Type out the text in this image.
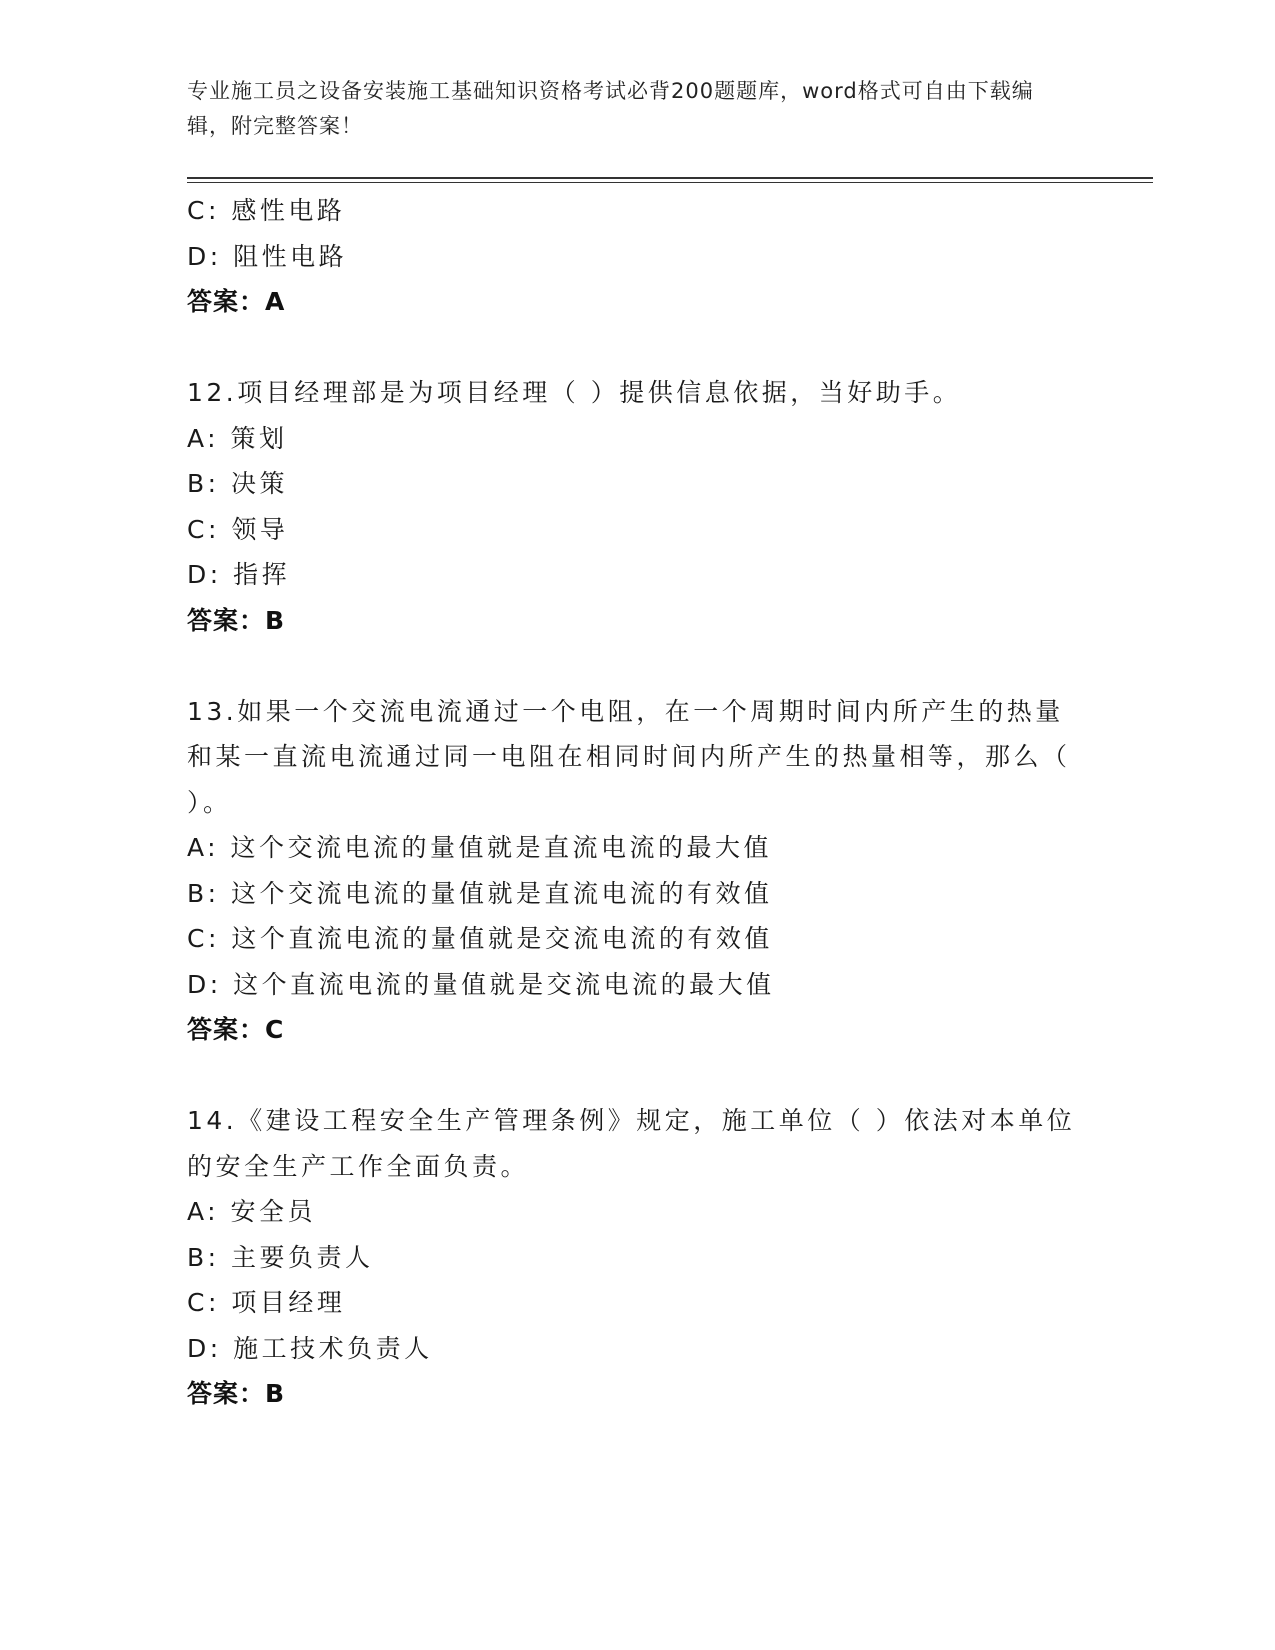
专业施工员之设备安装施工基础知识资格考试必背200题题库，word格式可自由下载编辑，附完整答案！
C: 感性电路
D: 阻性电路
答案：A
12.项目经理部是为项目经理（ ）提供信息依据，当好助手。
A: 策划
B: 决策
C: 领导
D: 指挥
答案：B
13.如果一个交流电流通过一个电阻，在一个周期时间内所产生的热量和某一直流电流通过同一电阻在相同时间内所产生的热量相等，那么（ ）。
A: 这个交流电流的量值就是直流电流的最大值
B: 这个交流电流的量值就是直流电流的有效值
C: 这个直流电流的量值就是交流电流的有效值
D: 这个直流电流的量值就是交流电流的最大值
答案：C
14.《建设工程安全生产管理条例》规定，施工单位（ ）依法对本单位的安全生产工作全面负责。
A: 安全员
B: 主要负责人
C: 项目经理
D: 施工技术负责人
答案：B
